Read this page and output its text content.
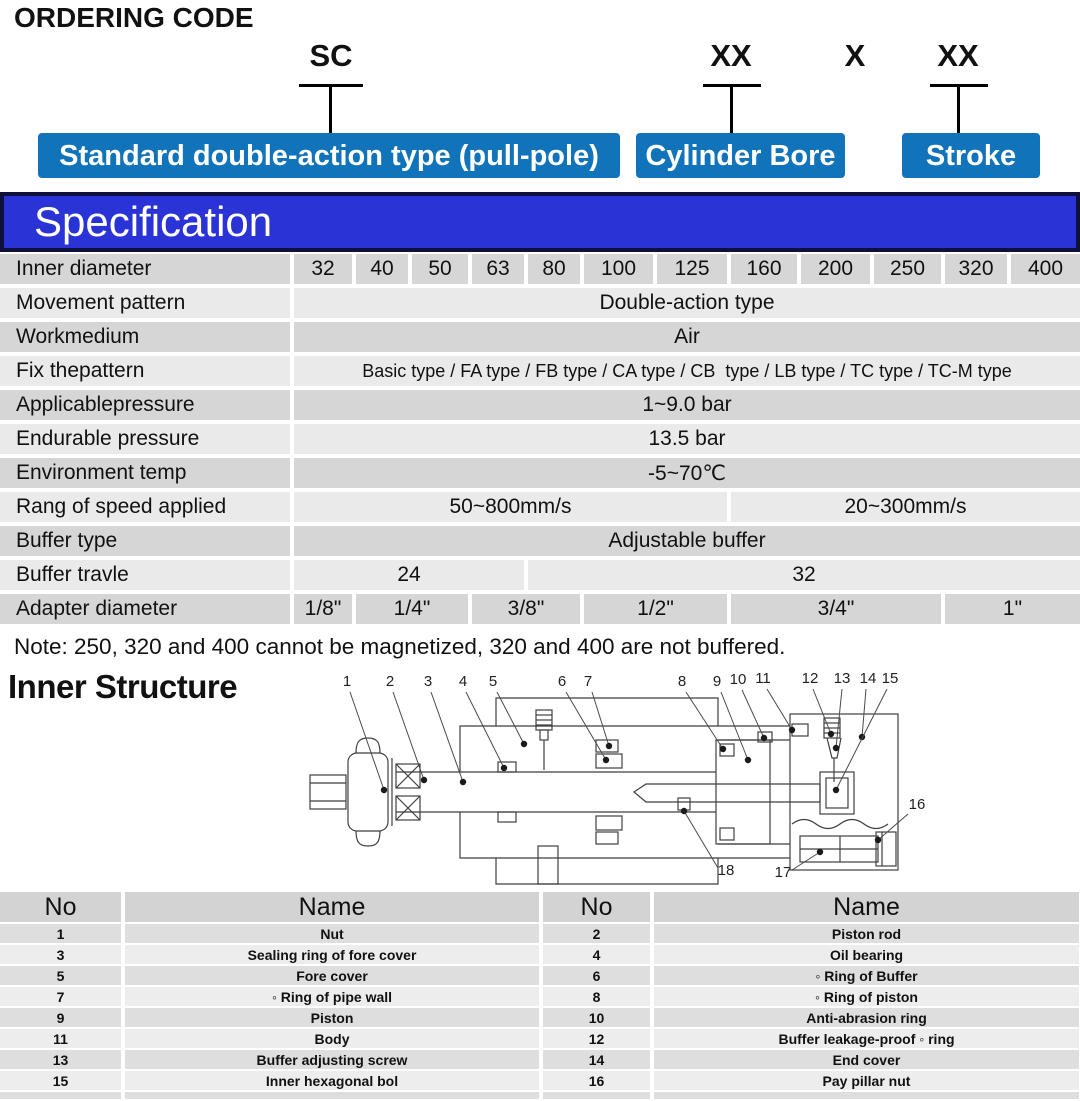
ORDERING CODE
SC
Standard double-action type (pull-pole)
XX
Cylinder Bore
X	XX
Stroke
Specification
Inner diameter	32	40	50	63	80	100	125	160	200	250	320	400
Movement pattern	Double-action type
Workmedium	Air
Fix thepattern	Basic type / FA type / FB type / CA type / CB  type / LB type / TC type / TC-M type
Applicablepressure	1~9.0 bar
Endurable pressure	13.5 bar
Environment temp	-5~70℃
Rang of speed applied	50~800mm/s	20~300mm/s
Buffer type	Adjustable buffer
Buffer travle	24	32
Adapter diameter	1/8"	1/4"	3/8"	1/2"	3/4"	1"
Note: 250, 320 and 400 cannot be magnetized, 320 and 400 are not buffered.
Inner Structure	1 2 3 4 5	6 7	8 9 10 11 12 13 14 15
16
17
18
No	Name	No	Name
1	Nut	2	Piston rod
3	Sealing ring of fore cover	4	Oil bearing
5	Fore cover	6	◦ Ring of Buffer
7	◦ Ring of pipe wall	8	◦ Ring of piston
9	Piston	10	Anti-abrasion ring
11	Body	12	Buffer leakage-proof ◦ ring
13	Buffer adjusting screw	14	End cover
15	Inner hexagonal bol	16	Pay pillar nut
